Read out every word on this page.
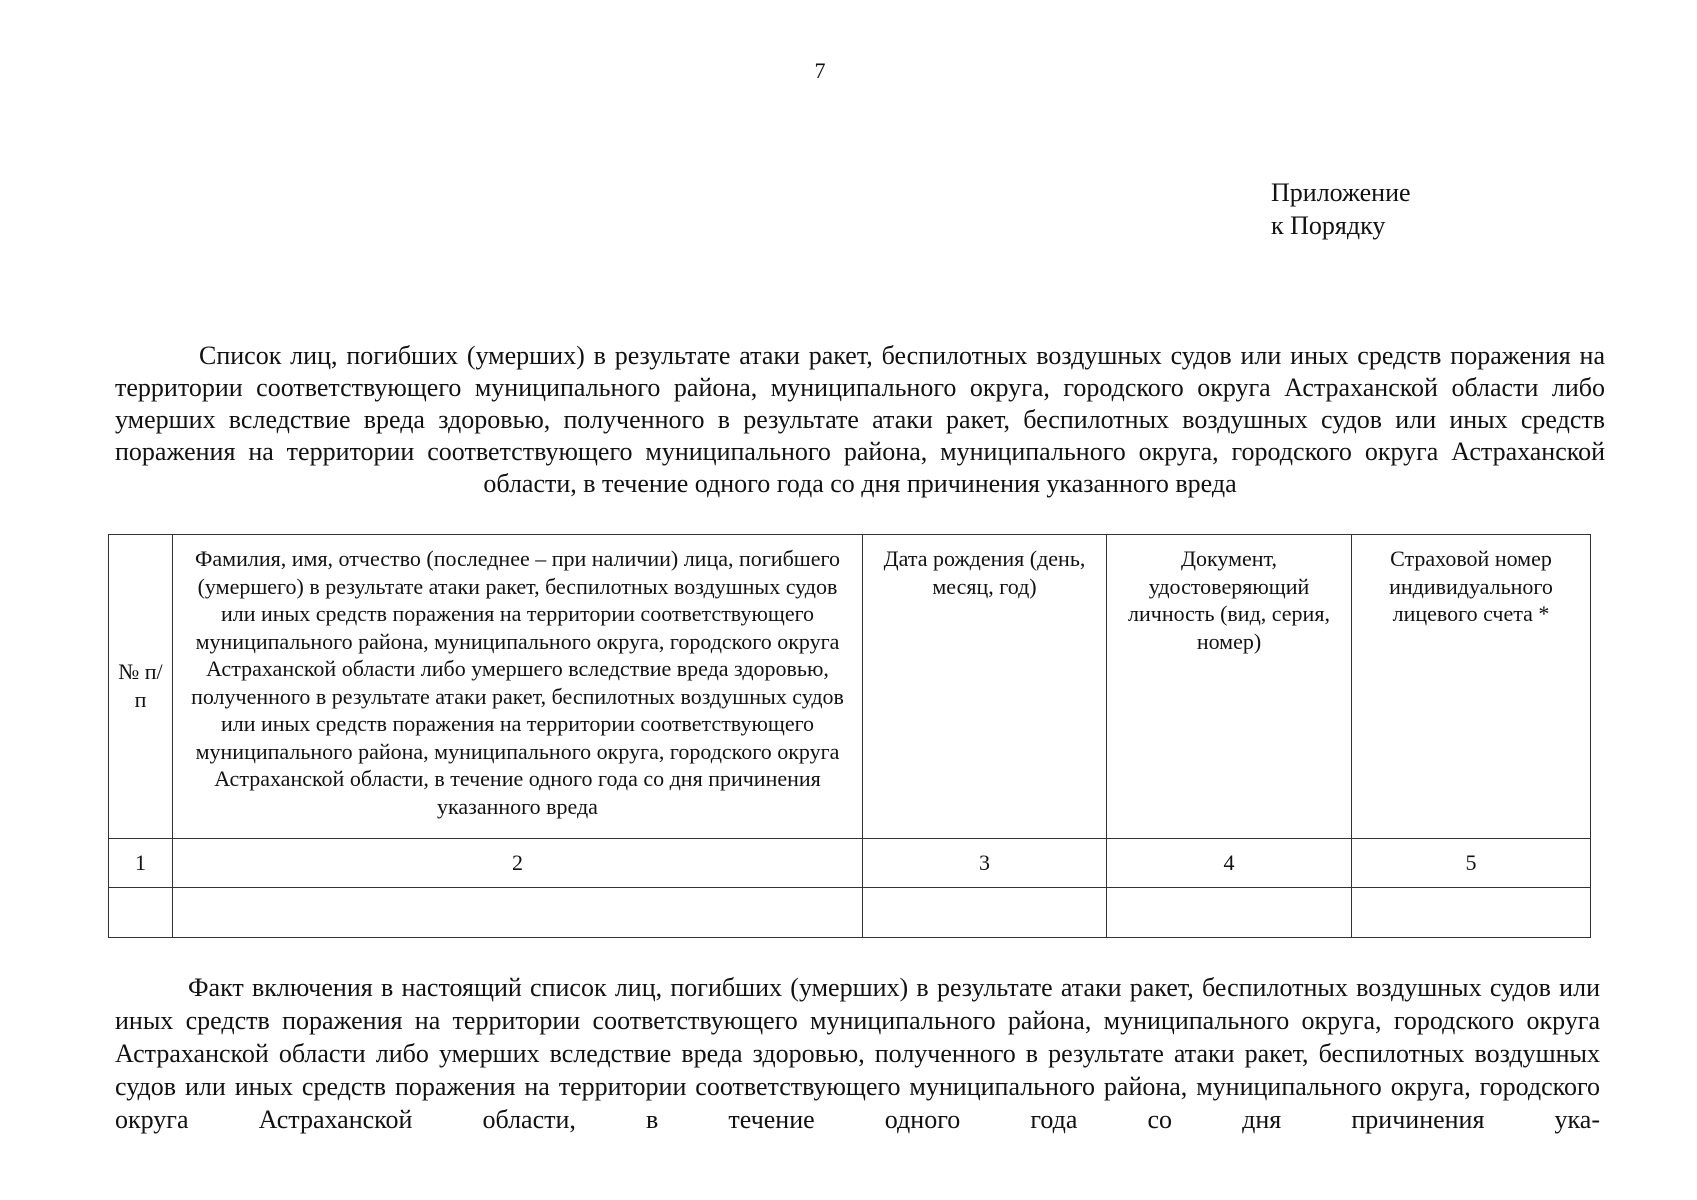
7
Приложение
к Порядку
Список лиц, погибших (умерших) в результате атаки ракет, беспилотных воздушных судов или иных средств поражения на территории соответствующего муниципального района, муниципального округа, городского округа Астраханской области либо умерших вследствие вреда здоровью, полученного в результате атаки ракет, беспилотных воздушных судов или иных средств поражения на территории соответствующего муниципального района, муниципального округа, городского округа Астраханской области, в течение одного года со дня причинения указанного вреда
№ п/п	Фамилия, имя, отчество (последнее – при наличии) лица, погибшего (умершего) в результате атаки ракет, беспилотных воздушных судов или иных средств поражения на территории соответствующего муниципального района, муниципального округа, городского округа Астраханской области либо умершего вследствие вреда здоровью, полученного в результате атаки ракет, беспилотных воздушных судов или иных средств поражения на территории соответствующего муниципального района, муниципального округа, городского округа Астраханской области, в течение одного года со дня причинения указанного вреда	Дата рождения (день, месяц, год)	Документ, удостоверяющий личность (вид, серия, номер)	Страховой номер индивидуального лицевого счета *
1	2	3	4	5

Факт включения в настоящий список лиц, погибших (умерших) в результате атаки ракет, беспилотных воздушных судов или иных средств поражения на территории соответствующего муниципального района, муниципального округа, городского округа Астраханской области либо умерших вследствие вреда здоровью, полученного в результате атаки ракет, беспилотных воздушных судов или иных средств поражения на территории соответствующего муниципального района, муниципального округа, городского округа Астраханской области, в течение одного года со дня причинения ука-
